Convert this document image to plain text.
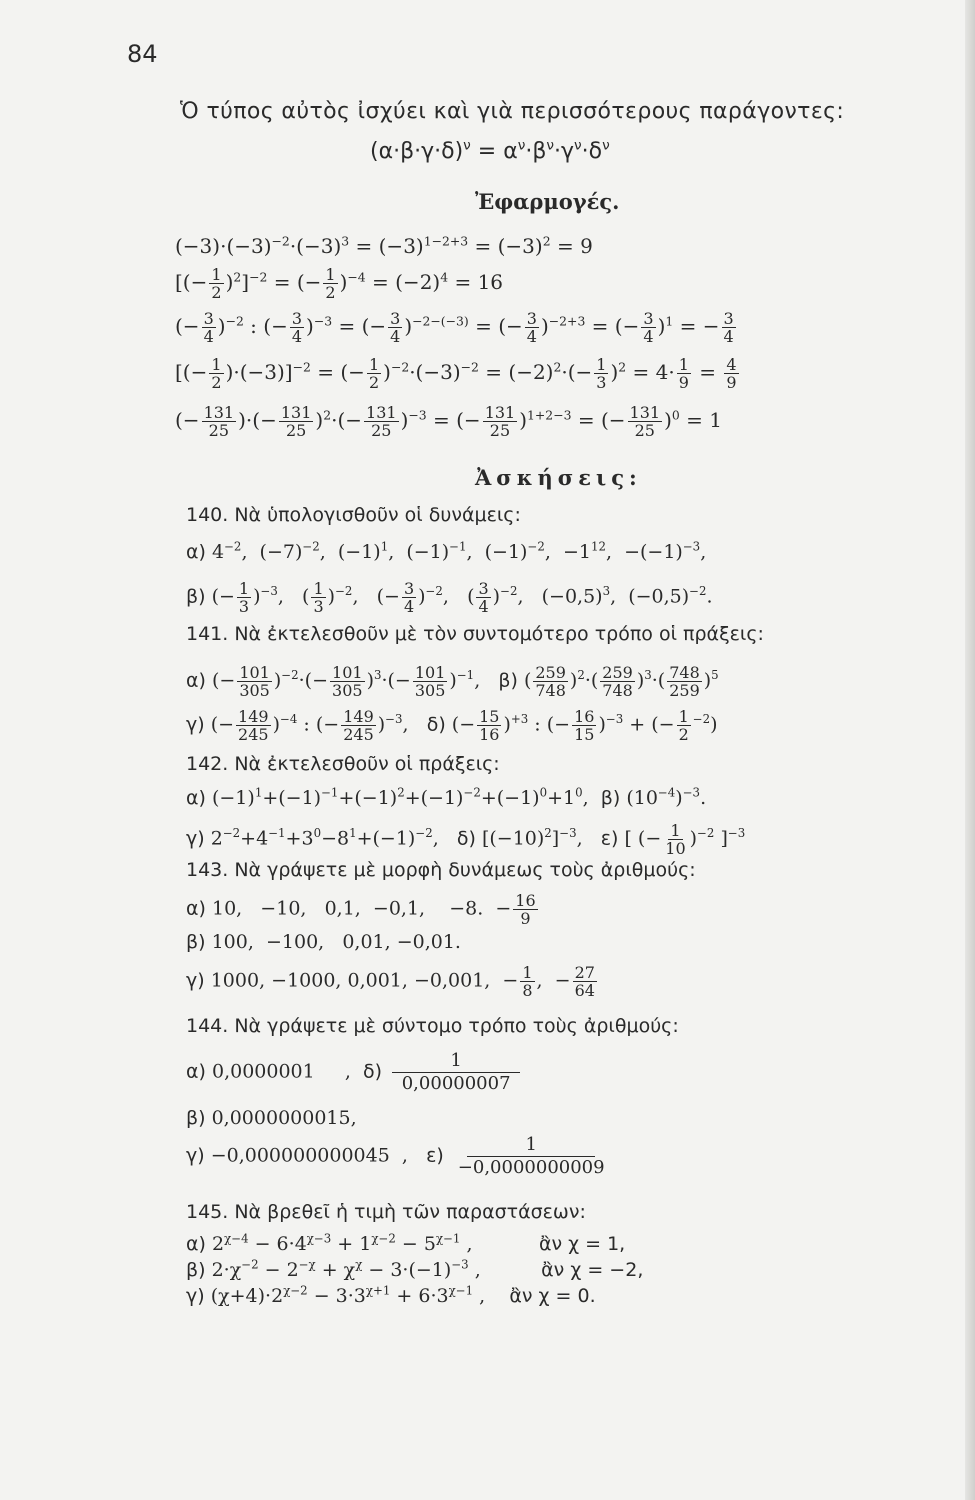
84
Ὁ τύπος αὐτὸς ἰσχύει καὶ γιὰ περισσότερους παράγοντες:
$(\alpha\cdot\beta\cdot\gamma\cdot\delta)^\nu = \alpha^\nu\cdot\beta^\nu\cdot\gamma^\nu\cdot\delta^\nu$
Ἐφαρμογές.
$(-3)\cdot(-3)^{-2}\cdot(-3)^3 = (-3)^{1-2+3} = (-3)^2 = 9$
[(− $\frac{1}{2} )^2]^{-2}$ = (− $\frac{1}{2} )^{-4} = (-2)^4 = 16$
(− $\frac{3}{4} )^{-2}$ : (− $\frac{3}{4} )^{-3}$ = (− $\frac{3}{4} )^{-2-(-3)}$ = (− $\frac{3}{4} )^{-2+3}$ = (− $\frac{3}{4} )^1$ = − $\frac{3}{4}$
[(− $\frac{1}{2} )\cdot(-3)]^{-2}$ = (− $\frac{1}{2} )^{-2}\cdot(-3)^{-2} = (-2)^2\cdot(- \frac{1}{3} )^2 = 4\cdot \frac{1}{9} = \frac{4}{9}$
(− $\frac{131}{25}$ )·(− $\frac{131}{25} )^2\cdot(- \frac{131}{25} )^{-3}$ = (− $\frac{131}{25} )^{1+2-3}$ = (− $\frac{131}{25} )^0 = 1$
Ἀσκήσεις:
140. Νὰ ὑπολογισθοῦν οἱ δυνάμεις:
α) $4^{-2}$,  $(-7)^{-2}$,  $(-1)^1$,  $(-1)^{-1}$,  $(-1)^{-2}$,  $-1^{12}$,  $-(-1)^{-3}$,
β) (− $\frac{1}{3} )^{-3}$,   ( $\frac{1}{3} )^{-2}$,   (− $\frac{3}{4} )^{-2}$,   ( $\frac{3}{4} )^{-2}$,   $(-0,5)^3$,  $(-0,5)^{-2}$.
141. Νὰ ἐκτελεσθοῦν μὲ τὸν συντομότερο τρόπο οἱ πράξεις:
α) (− $\frac{101}{305} )^{-2}\cdot(- \frac{101}{305} )^3\cdot(- \frac{101}{305} )^{-1}$,   β) ( $\frac{259}{748} )^2\cdot( \frac{259}{748} )^3\cdot( \frac{748}{259} )^5$
γ) (− $\frac{149}{245} )^{-4}$ : (− $\frac{149}{245} )^{-3}$,   δ) (− $\frac{15}{16} )^{+3}$ : (− $\frac{16}{15} )^{-3}$ + (− $\frac{1}{2} ^{-2}$)
142. Νὰ ἐκτελεσθοῦν οἱ πράξεις:
α) $(-1)^1+(-1)^{-1}+(-1)^2+(-1)^{-2}+(-1)^0+1^0$,  β) $(10^{-4})^{-3}$.
γ) $2^{-2}+4^{-1}+3^0-8^1+(-1)^{-2}$,   δ) $[(-10)^2]^{-3}$,   ε) [ (− $\frac{1}{10} )^{-2}$ ]$^{-3}$
143. Νὰ γράψετε μὲ μορφὴ δυνάμεως τοὺς ἀριθμούς:
α) 10,   −10,   0,1,  −0,1,    −8.  − $\frac{16}{9}$
β) 100,  −100,   0,01, −0,01.
γ) 1000, −1000, 0,001, −0,001,  − $\frac{1}{8}$ ,  − $\frac{27}{64}$
144. Νὰ γράψετε μὲ σύντομο τρόπο τοὺς ἀριθμούς:
α) 0,0000001     ,  $\delta) \frac{1}{0,00000007}$
β) 0,0000000015,
γ) −0,000000000045  ,   $\varepsilon) \frac{1}{-0,0000000009}$
145. Νὰ βρεθεῖ ἡ τιμὴ τῶν παραστάσεων:
α) $2^{\chi-4} - 6\cdot 4^{\chi-3} + 1^{\chi-2} - 5^{\chi-1}$ ,           ἂν χ = 1,
β) $2\cdot\chi^{-2} - 2^{-\chi} + \chi^\chi - 3\cdot(-1)^{-3}$ ,          ἂν χ = −2,
γ) $(\chi+4)\cdot 2^{\chi-2} - 3\cdot 3^{\chi+1} + 6\cdot 3^{\chi-1}$ ,    ἂν χ = 0.
